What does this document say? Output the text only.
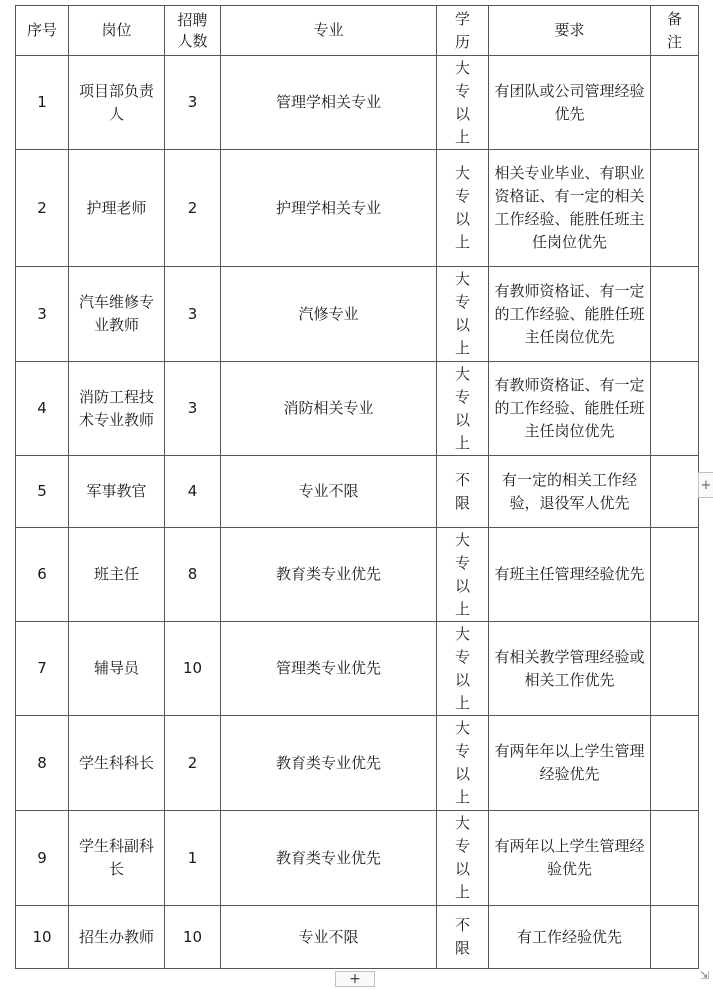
序号	岗位	招聘人数	专业	学历	要求	备注
1	项目部负责人	3	管理学相关专业	大专以上	有团队或公司管理经验优先	
2	护理老师	2	护理学相关专业	大专以上	相关专业毕业、有职业资格证、有一定的相关工作经验、能胜任班主任岗位优先	
3	汽车维修专业教师	3	汽修专业	大专以上	有教师资格证、有一定的工作经验、能胜任班主任岗位优先	
4	消防工程技术专业教师	3	消防相关专业	大专以上	有教师资格证、有一定的工作经验、能胜任班主任岗位优先	
5	军事教官	4	专业不限	不限	有一定的相关工作经验，退役军人优先	
6	班主任	8	教育类专业优先	大专以上	有班主任管理经验优先	
7	辅导员	10	管理类专业优先	大专以上	有相关教学管理经验或相关工作优先	
8	学生科科长	2	教育类专业优先	大专以上	有两年年以上学生管理经验优先	
9	学生科副科长	1	教育类专业优先	大专以上	有两年以上学生管理经验优先	
10	招生办教师	10	专业不限	不限	有工作经验优先	
+
+	⇲
